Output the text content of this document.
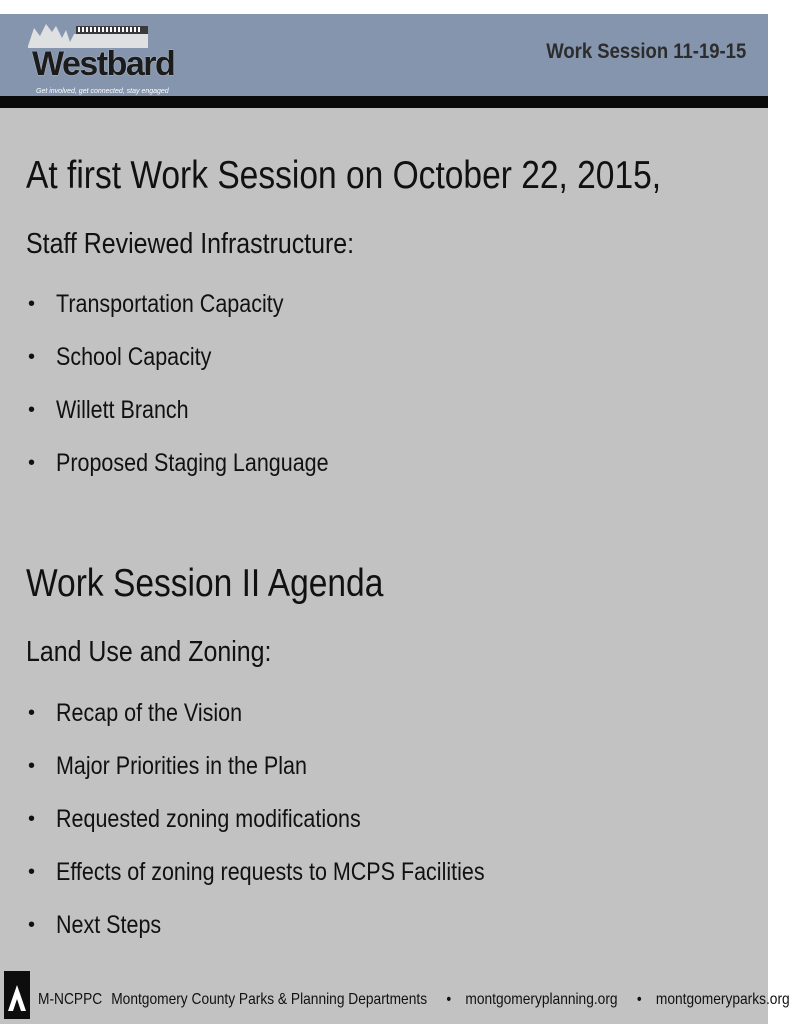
Westbard
Get involved, get connected, stay engaged
Work Session 11-19-15
At first Work Session on October 22, 2015,
Staff Reviewed Infrastructure:
• Transportation Capacity
• School Capacity
• Willett Branch
• Proposed Staging Language
Work Session II Agenda
Land Use and Zoning:
• Recap of the Vision
• Major Priorities in the Plan
• Requested zoning modifications
• Effects of zoning requests to MCPS Facilities
• Next Steps
M-NCPPC Montgomery County Parks & Planning Departments • montgomeryplanning.org • montgomeryparks.org
